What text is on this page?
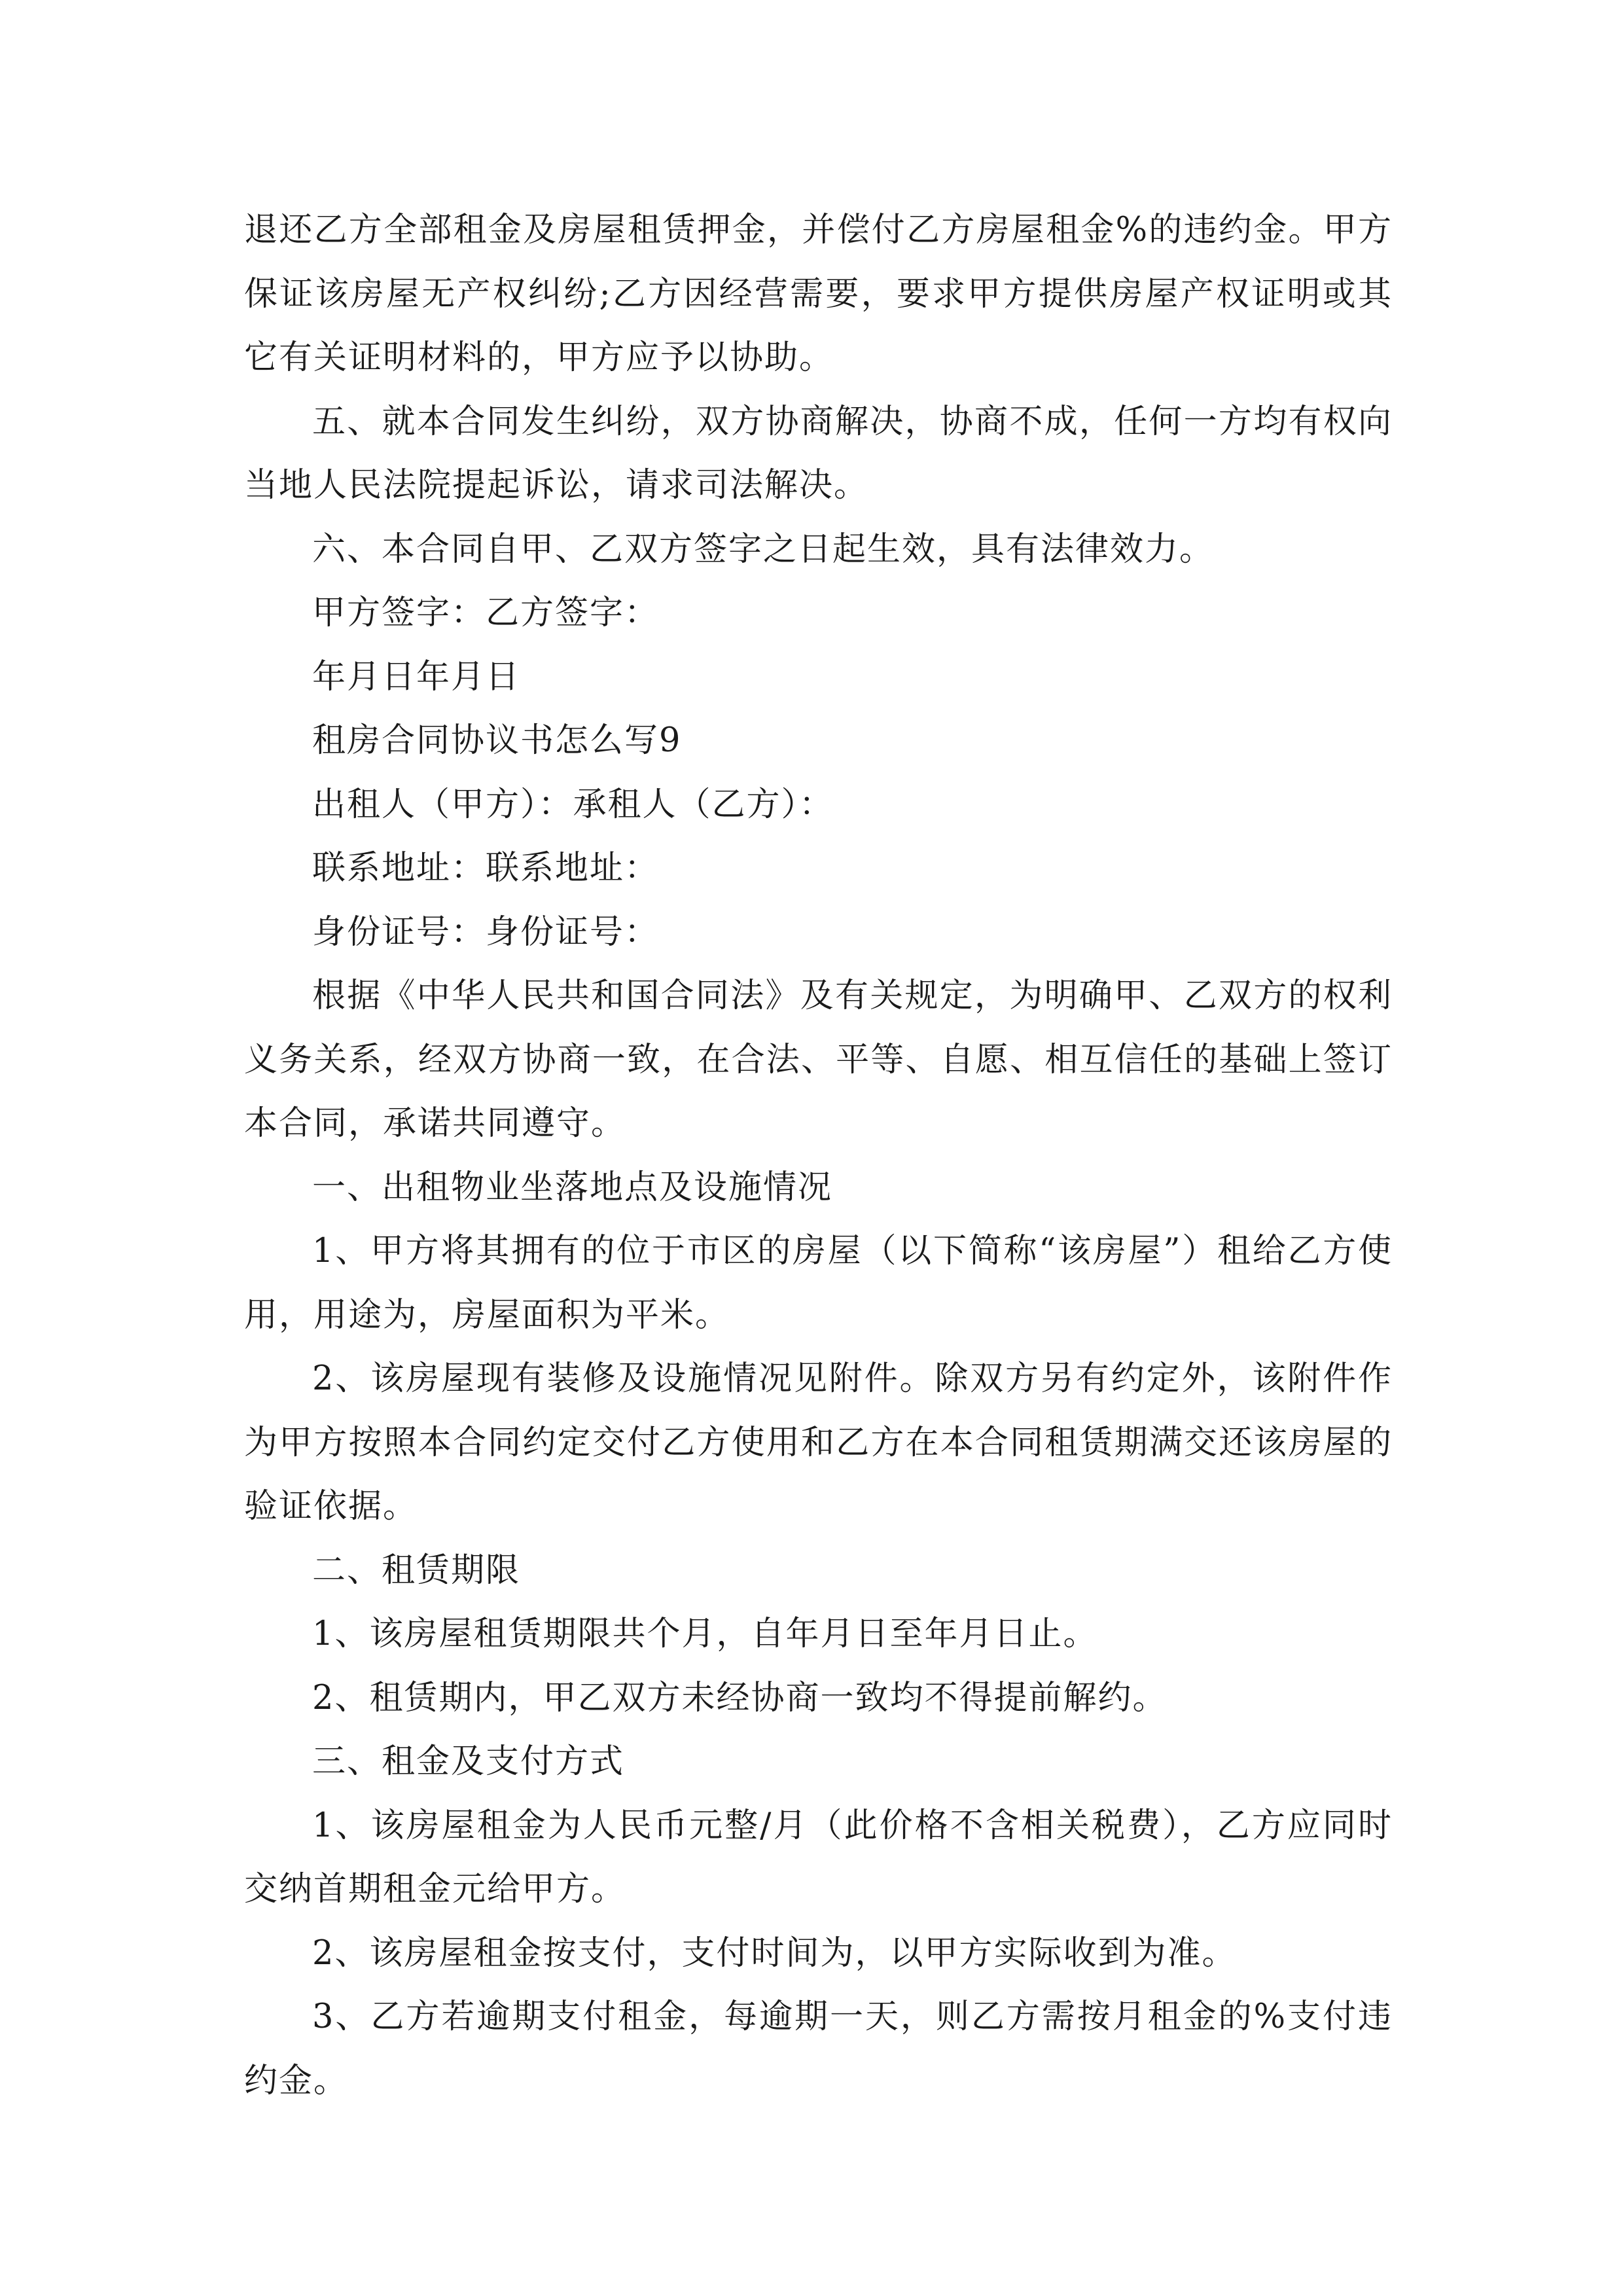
退还乙方全部租金及房屋租赁押金，并偿付乙方房屋租金%的违约金。甲方保证该房屋无产权纠纷;乙方因经营需要，要求甲方提供房屋产权证明或其它有关证明材料的，甲方应予以协助。

五、就本合同发生纠纷，双方协商解决，协商不成，任何一方均有权向当地人民法院提起诉讼，请求司法解决。

六、本合同自甲、乙双方签字之日起生效，具有法律效力。

甲方签字：乙方签字：

年月日年月日

租房合同协议书怎么写9

出租人（甲方）：承租人（乙方）：

联系地址：联系地址：

身份证号：身份证号：

根据《中华人民共和国合同法》及有关规定，为明确甲、乙双方的权利义务关系，经双方协商一致，在合法、平等、自愿、相互信任的基础上签订本合同，承诺共同遵守。

一、出租物业坐落地点及设施情况

1、甲方将其拥有的位于市区的房屋（以下简称“该房屋”）租给乙方使用，用途为，房屋面积为平米。

2、该房屋现有装修及设施情况见附件。除双方另有约定外，该附件作为甲方按照本合同约定交付乙方使用和乙方在本合同租赁期满交还该房屋的验证依据。

二、租赁期限

1、该房屋租赁期限共个月，自年月日至年月日止。

2、租赁期内，甲乙双方未经协商一致均不得提前解约。

三、租金及支付方式

1、该房屋租金为人民币元整/月（此价格不含相关税费），乙方应同时交纳首期租金元给甲方。

2、该房屋租金按支付，支付时间为，以甲方实际收到为准。

3、乙方若逾期支付租金，每逾期一天，则乙方需按月租金的%支付违约金。
